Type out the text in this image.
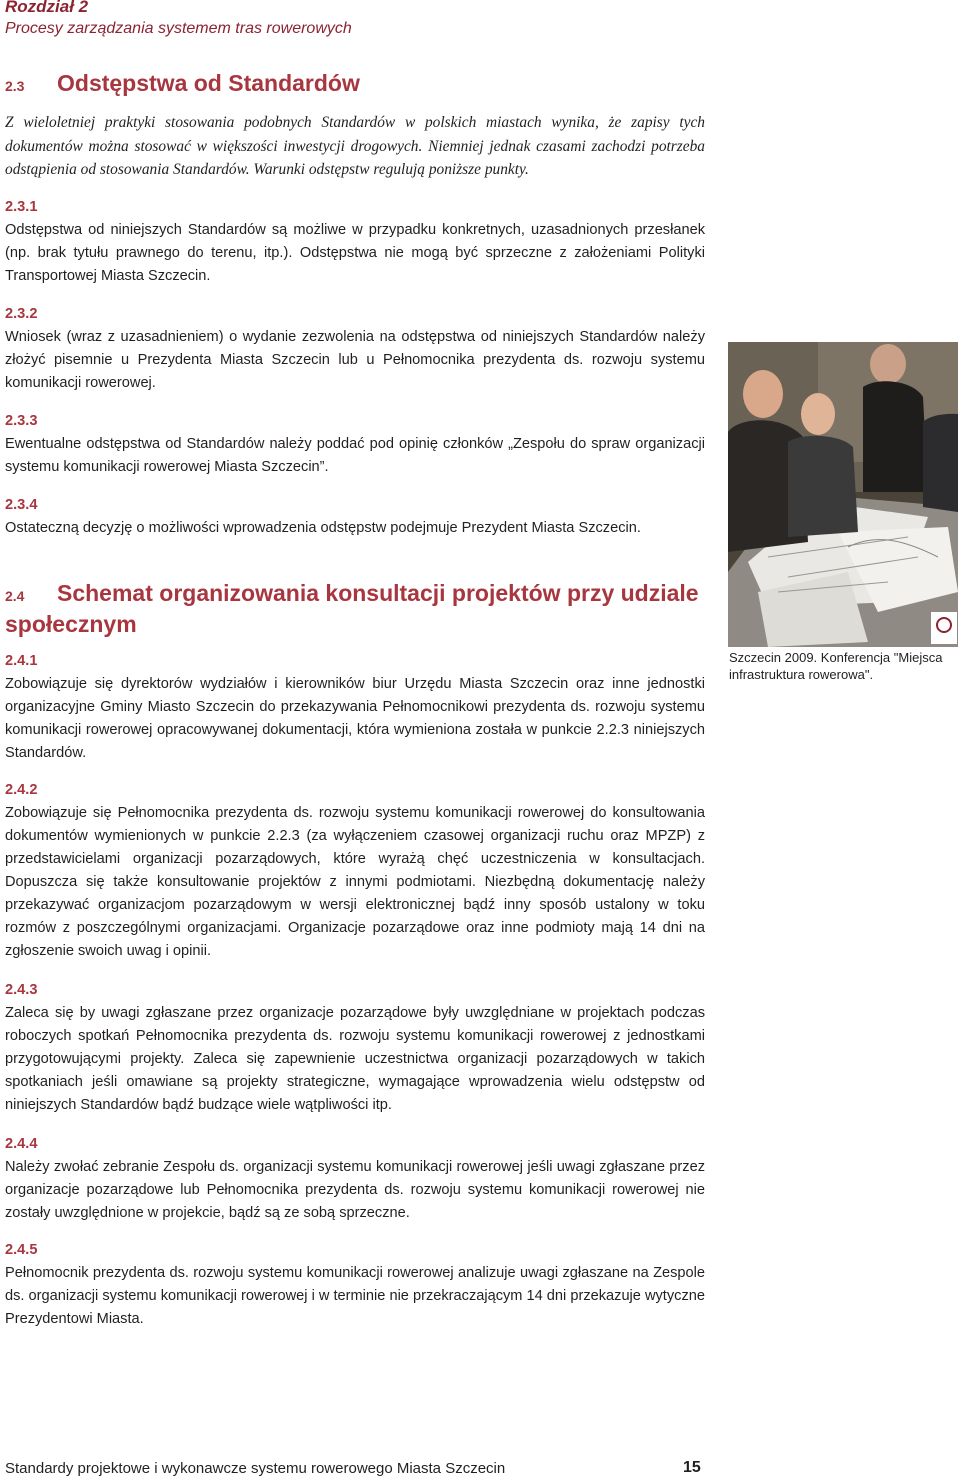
Rozdział 2
Procesy zarządzania systemem tras rowerowych
2.3 Odstępstwa od Standardów
Z wieloletniej praktyki stosowania podobnych Standardów w polskich miastach wynika, że zapisy tych dokumentów można stosować w większości inwestycji drogowych. Niemniej jednak czasami zachodzi potrzeba odstąpienia od stosowania Standardów. Warunki odstępstw regulują poniższe punkty.
2.3.1
Odstępstwa od niniejszych Standardów są możliwe w przypadku konkretnych, uzasadnionych przesłanek (np. brak tytułu prawnego do terenu, itp.). Odstępstwa nie mogą być sprzeczne z założeniami Polityki Transportowej Miasta Szczecin.
2.3.2
Wniosek (wraz z uzasadnieniem) o wydanie zezwolenia na odstępstwa od niniejszych Standardów należy złożyć pisemnie u Prezydenta Miasta Szczecin lub u Pełnomocnika prezydenta ds. rozwoju systemu komunikacji rowerowej.
2.3.3
Ewentualne odstępstwa od Standardów należy poddać pod opinię członków „Zespołu do spraw organizacji systemu komunikacji rowerowej Miasta Szczecin”.
2.3.4
Ostateczną decyzję o możliwości wprowadzenia odstępstw podejmuje Prezydent Miasta Szczecin.
2.4 Schemat organizowania konsultacji projektów przy udziale społecznym
2.4.1
Zobowiązuje się dyrektorów wydziałów i kierowników biur Urzędu Miasta Szczecin oraz inne jednostki organizacyjne Gminy Miasto Szczecin do przekazywania Pełnomocnikowi prezydenta ds. rozwoju systemu komunikacji rowerowej opracowywanej dokumentacji, która wymieniona została w punkcie 2.2.3 niniejszych Standardów.
2.4.2
Zobowiązuje się Pełnomocnika prezydenta ds. rozwoju systemu komunikacji rowerowej do konsultowania dokumentów wymienionych w punkcie 2.2.3 (za wyłączeniem czasowej organizacji ruchu oraz MPZP) z przedstawicielami organizacji pozarządowych, które wyrażą chęć uczestniczenia w konsultacjach. Dopuszcza się także konsultowanie projektów z innymi podmiotami. Niezbędną dokumentację należy przekazywać organizacjom pozarządowym w wersji elektronicznej bądź inny sposób ustalony w toku rozmów z poszczególnymi organizacjami. Organizacje pozarządowe oraz inne podmioty mają 14 dni na zgłoszenie swoich uwag i opinii.
2.4.3
Zaleca się by uwagi zgłaszane przez organizacje pozarządowe były uwzględniane w projektach podczas roboczych spotkań Pełnomocnika prezydenta ds. rozwoju systemu komunikacji rowerowej z jednostkami przygotowującymi projekty. Zaleca się zapewnienie uczestnictwa organizacji pozarządowych w takich spotkaniach jeśli omawiane są projekty strategiczne, wymagające wprowadzenia wielu odstępstw od niniejszych Standardów bądź budzące wiele wątpliwości itp.
2.4.4
Należy zwołać zebranie Zespołu ds. organizacji systemu komunikacji rowerowej jeśli uwagi zgłaszane przez organizacje pozarządowe lub Pełnomocnika prezydenta ds. rozwoju systemu komunikacji rowerowej nie zostały uwzględnione w projekcie, bądź są ze sobą sprzeczne.
2.4.5
Pełnomocnik prezydenta ds. rozwoju systemu komunikacji rowerowej analizuje uwagi zgłaszane na Zespole ds. organizacji systemu komunikacji rowerowej i w terminie nie przekraczającym 14 dni przekazuje wytyczne Prezydentowi Miasta.
Szczecin 2009. Konferencja "Miejsca infrastruktura rowerowa".
Standardy projektowe i wykonawcze systemu rowerowego Miasta Szczecin	15
